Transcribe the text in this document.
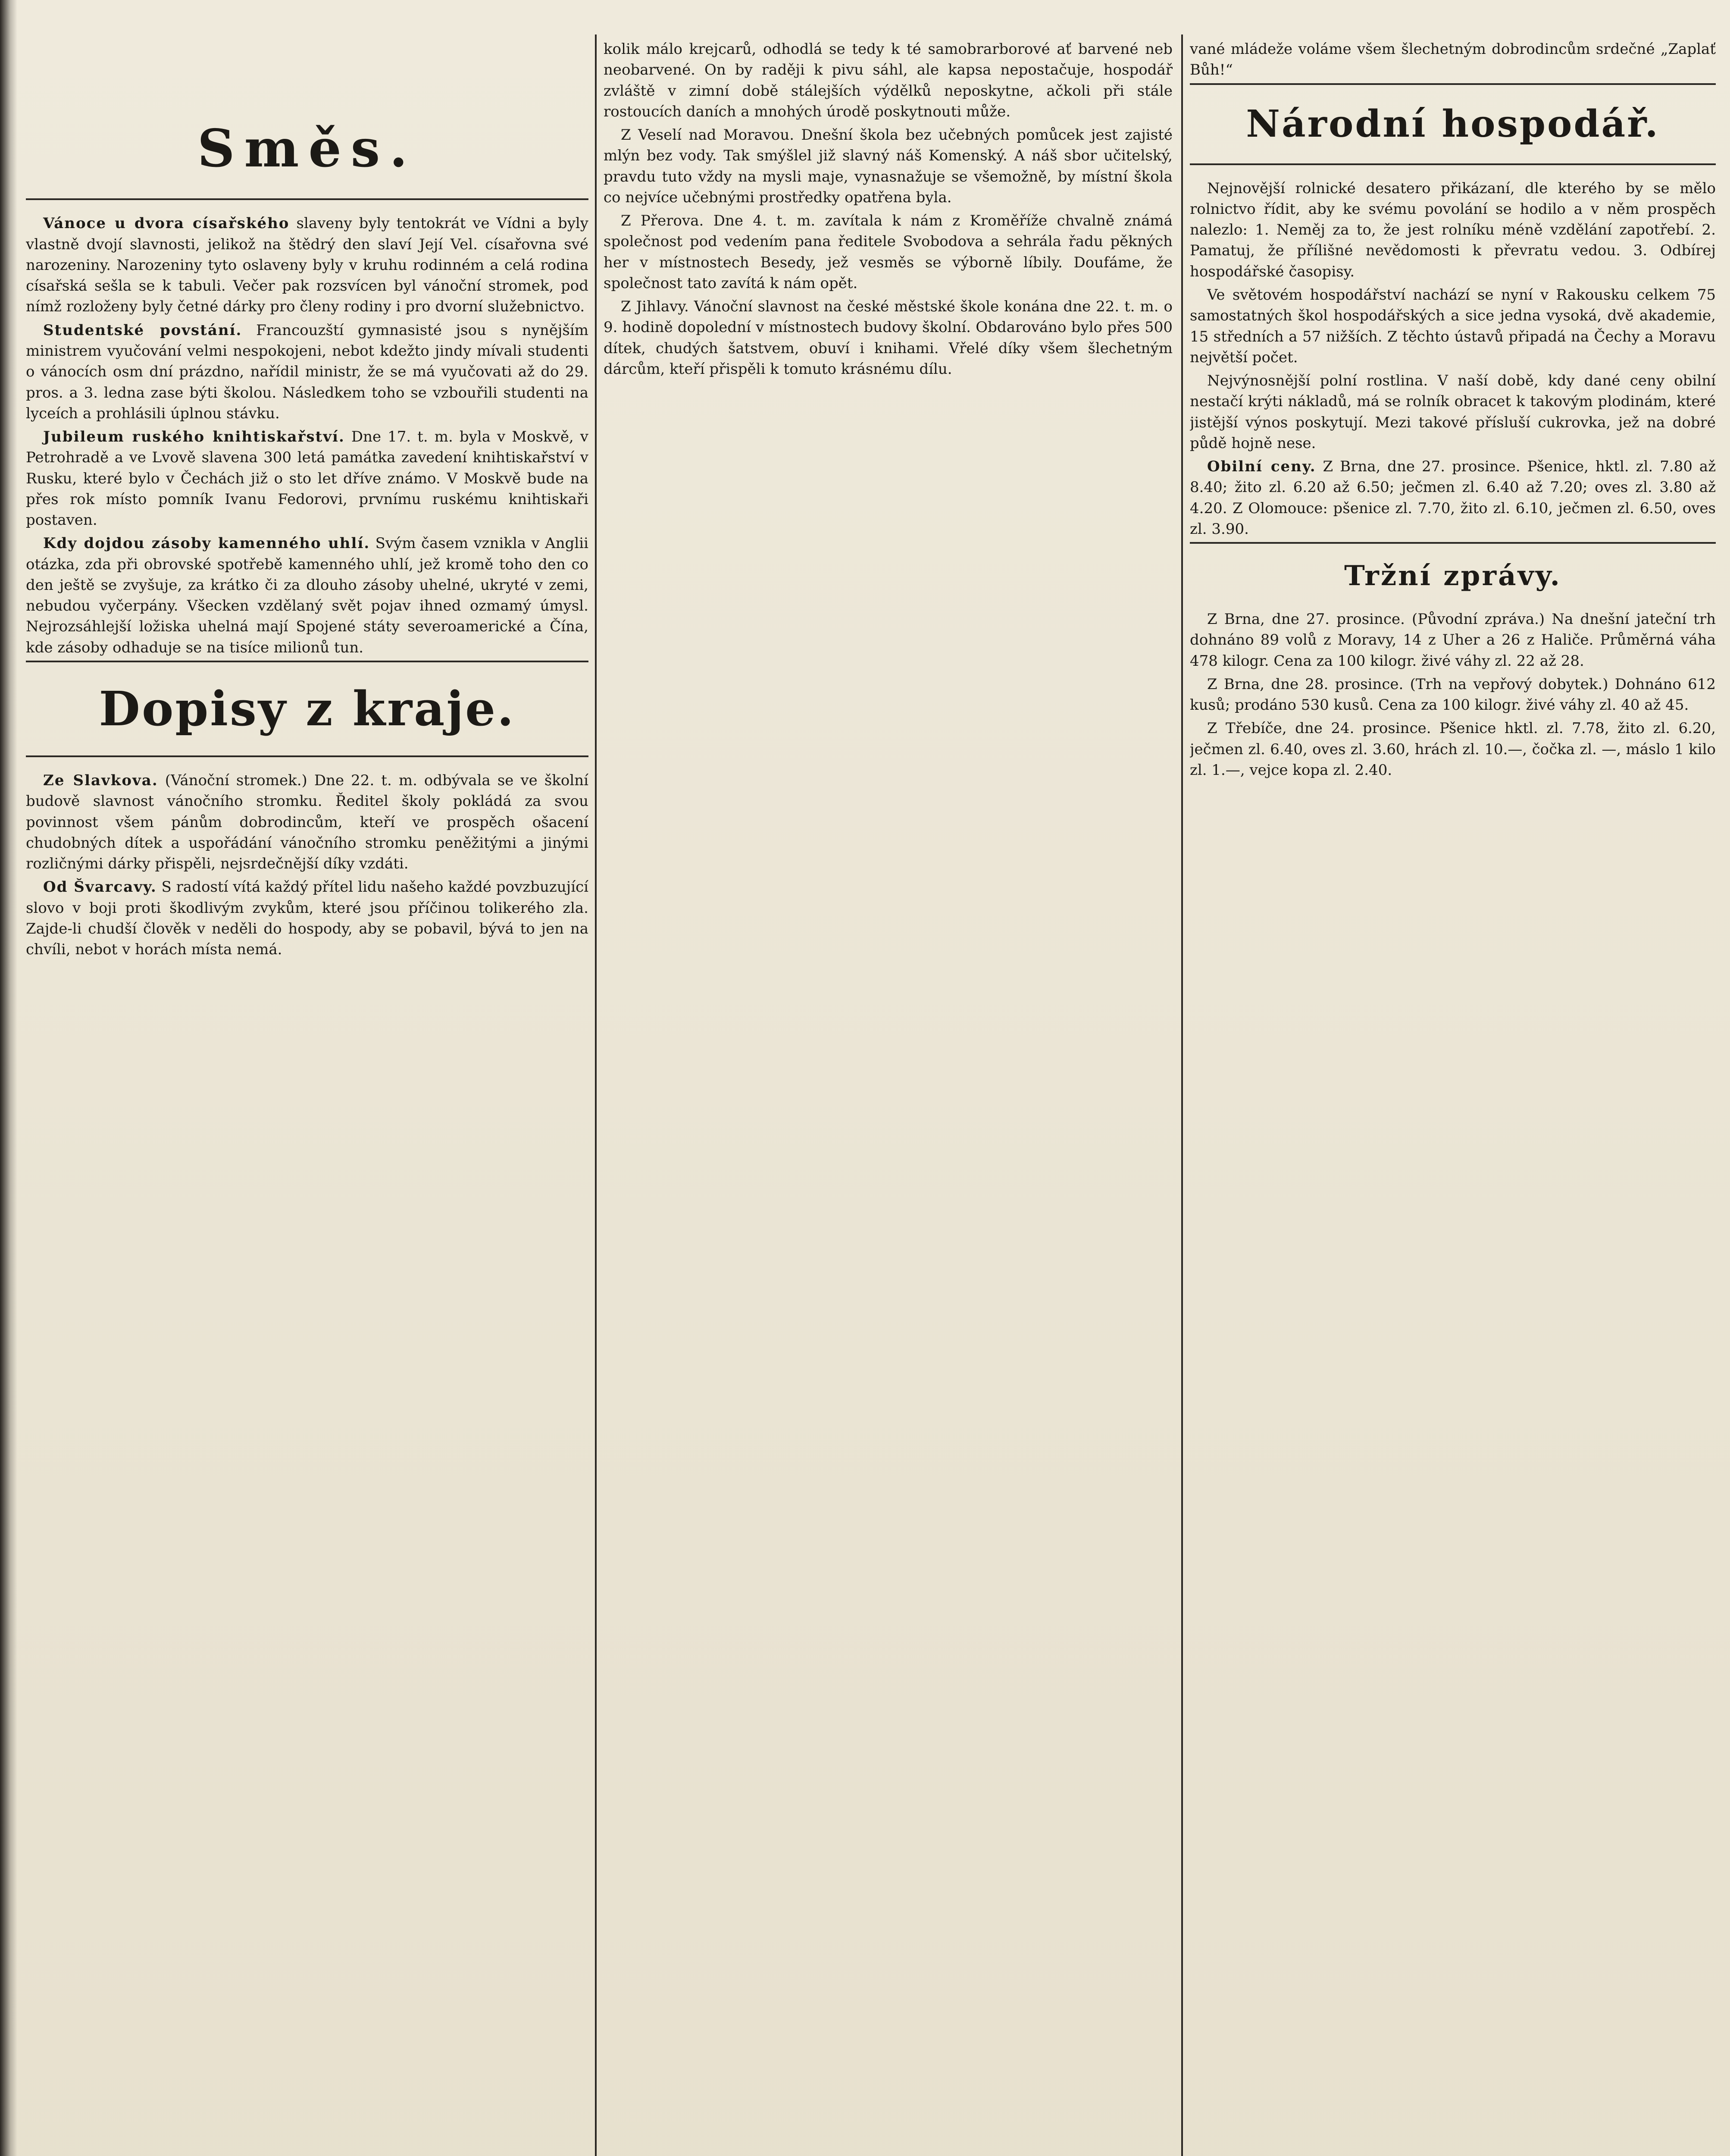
Směs.

Vánoce u dvora císařského slaveny byly tentokrát ve Vídni a byly vlastně dvojí slavnosti, jelikož na štědrý den slaví Její Vel. císařovna své narozeniny. Narozeniny tyto oslaveny byly v kruhu rodinném a celá rodina císařská sešla se k tabuli. Večer pak rozsvícen byl vánoční stromek, pod nímž rozloženy byly četné dárky pro členy rodiny i pro dvorní služebnictvo.

Studentské povstání. Francouzští gymnasisté jsou s nynějším ministrem vyučování velmi nespokojeni, nebot kdežto jindy mívali studenti o vánocích osm dní prázdno, nařídil ministr, že se má vyučovati až do 29. pros. a 3. ledna zase býti školou. Následkem toho se vzbouřili studenti na lyceích a prohlásili úplnou stávku.

Jubileum ruského knihtiskařství. Dne 17. t. m. byla v Moskvě, v Petrohradě a ve Lvově slavena 300 letá památka zavedení knihtiskařství v Rusku, které bylo v Čechách již o sto let dříve známo. V Moskvě bude na přes rok místo pomník Ivanu Fedorovi, prvnímu ruskému knihtiskaři postaven.

Kdy dojdou zásoby kamenného uhlí. Svým časem vznikla v Anglii otázka, zda při obrovské spotřebě kamenného uhlí, jež kromě toho den co den ještě se zvyšuje, za krátko či za dlouho zásoby uhelné, ukryté v zemi, nebudou vyčerpány. Všecken vzdělaný svět pojav ihned ozmamý úmysl. Nejrozsáhlejší ložiska uhelná mají Spojené státy severoamerické a Čína, kde zásoby odhaduje se na tisíce milionů tun.

Dopisy z kraje.

Ze Slavkova. (Vánoční stromek.) Dne 22. t. m. odbývala se ve školní budově slavnost vánočního stromku. Ředitel školy pokládá za svou povinnost všem pánům dobrodincům, kteří ve prospěch ošacení chudobných dítek a uspořádání vánočního stromku peněžitými a jinými rozličnými dárky přispěli, nejsrdečnější díky vzdáti.

Od Švarcavy. S radostí vítá každý přítel lidu našeho každé povzbuzující slovo v boji proti škodlivým zvykům, které jsou příčinou tolikerého zla. Zajde-li chudší člověk v neděli do hospody, aby se pobavil, bývá to jen na chvíli, nebot v horách místa nemá.

kolik málo krejcarů, odhodlá se tedy k té samobrarborové ať barvené neb neobarvené. On by raději k pivu sáhl, ale kapsa nepostačuje, hospodář zvláště v zimní době stálejších výdělků neposkytne, ačkoli při stále rostoucích daních a mnohých úrodě poskytnouti může.

Z Veselí nad Moravou. Dnešní škola bez učebných pomůcek jest zajisté mlýn bez vody. Tak smýšlel již slavný náš Komenský. A náš sbor učitelský, pravdu tuto vždy na mysli maje, vynasnažuje se všemožně, by místní škola co nejvíce učebnými prostředky opatřena byla.

Z Přerova. Dne 4. t. m. zavítala k nám z Kroměříže chvalně známá společnost pod vedením pana ředitele Svobodova a sehrála řadu pěkných her v místnostech Besedy, jež vesměs se výborně líbily. Doufáme, že společnost tato zavítá k nám opět.

Z Jihlavy. Vánoční slavnost na české městské škole konána dne 22. t. m. o 9. hodině dopolední v místnostech budovy školní. Obdarováno bylo přes 500 dítek, chudých šatstvem, obuví i knihami. Vřelé díky všem šlechetným dárcům, kteří přispěli k tomuto krásnému dílu.

vané mládeže voláme všem šlechetným dobrodincům srdečné „Zaplať Bůh!“

Národní hospodář.

Nejnovější rolnické desatero přikázaní, dle kterého by se mělo rolnictvo řídit, aby ke svému povolání se hodilo a v něm prospěch nalezlo: 1. Neměj za to, že jest rolníku méně vzdělání zapotřebí. 2. Pamatuj, že přílišné nevědomosti k převratu vedou. 3. Odbírej hospodářské časopisy.

Ve světovém hospodářství nachází se nyní v Rakousku celkem 75 samostatných škol hospodářských a sice jedna vysoká, dvě akademie, 15 středních a 57 nižších. Z těchto ústavů připadá na Čechy a Moravu největší počet.

Nejvýnosnější polní rostlina. V naší době, kdy dané ceny obilní nestačí krýti nákladů, má se rolník obracet k takovým plodinám, které jistější výnos poskytují. Mezi takové přísluší cukrovka, jež na dobré půdě hojně nese.

Obilní ceny. Z Brna, dne 27. prosince. Pšenice, hktl. zl. 7.80 až 8.40; žito zl. 6.20 až 6.50; ječmen zl. 6.40 až 7.20; oves zl. 3.80 až 4.20. Z Olomouce: pšenice zl. 7.70, žito zl. 6.10, ječmen zl. 6.50, oves zl. 3.90.

Tržní zprávy.

Z Brna, dne 27. prosince. (Původní zpráva.) Na dnešní jateční trh dohnáno 89 volů z Moravy, 14 z Uher a 26 z Haliče. Průměrná váha 478 kilogr. Cena za 100 kilogr. živé váhy zl. 22 až 28.

Z Brna, dne 28. prosince. (Trh na vepřový dobytek.) Dohnáno 612 kusů; prodáno 530 kusů. Cena za 100 kilogr. živé váhy zl. 40 až 45.

Z Třebíče, dne 24. prosince. Pšenice hktl. zl. 7.78, žito zl. 6.20, ječmen zl. 6.40, oves zl. 3.60, hrách zl. 10.—, čočka zl. —, máslo 1 kilo zl. 1.—, vejce kopa zl. 2.40.
